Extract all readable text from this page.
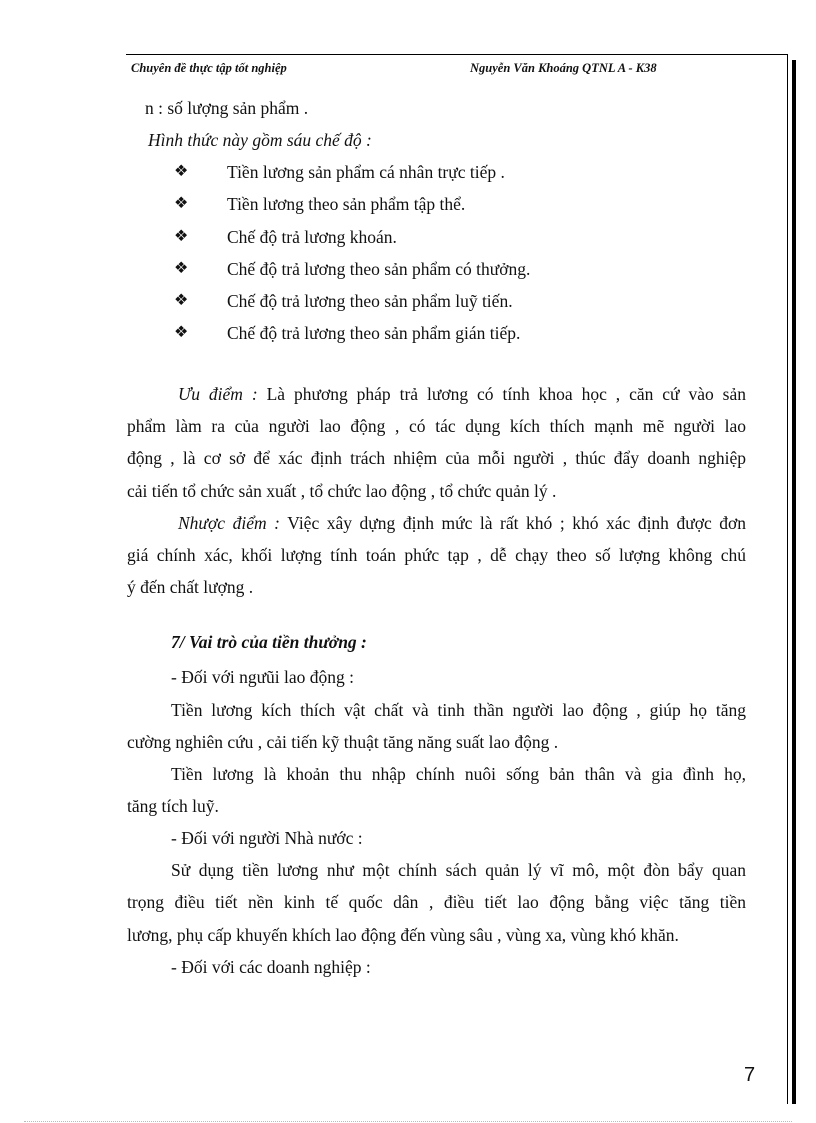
Chuyên đề thực tập tốt nghiệp	Nguyễn Văn Khoáng QTNL A - K38
n : số lượng sản phẩm .
Hình thức này gồm sáu chế độ :
❖ Tiền lương sản phẩm cá nhân trực tiếp .
❖ Tiền lương theo sản phẩm tập thể.
❖ Chế độ trả lương khoán.
❖ Chế độ trả lương theo sản phẩm có thưởng.
❖ Chế độ trả lương theo sản phẩm luỹ tiến.
❖ Chế độ trả lương theo sản phẩm gián tiếp.
Ưu điểm : Là phương pháp trả lương có tính khoa học , căn cứ vào sản
phẩm làm ra của người lao động , có tác dụng kích thích mạnh mẽ người lao
động , là cơ sở để xác định trách nhiệm của mỗi người , thúc đẩy doanh nghiệp
cải tiến tổ chức sản xuất , tổ chức lao động , tổ chức quản lý .
Nhược điểm : Việc xây dựng định mức là rất khó ; khó xác định được đơn
giá chính xác, khối lượng tính toán phức tạp , dễ chạy theo số lượng không chú
ý đến chất lượng .
7/ Vai trò của tiền thưởng :
- Đối với ngưũi lao động :
Tiền lương kích thích vật chất và tinh thần người lao động , giúp họ tăng
cường nghiên cứu , cải tiến kỹ thuật tăng năng suất lao động .
Tiền lương là khoản thu nhập chính nuôi sống bản thân và gia đình họ,
tăng tích luỹ.
- Đối với người Nhà nước :
Sử dụng tiền lương như một chính sách quản lý vĩ mô, một đòn bẩy quan
trọng điều tiết nền kinh tế quốc dân , điều tiết lao động bằng việc tăng tiền
lương, phụ cấp khuyến khích lao động đến vùng sâu , vùng xa, vùng khó khăn.
- Đối với các doanh nghiệp :
7
